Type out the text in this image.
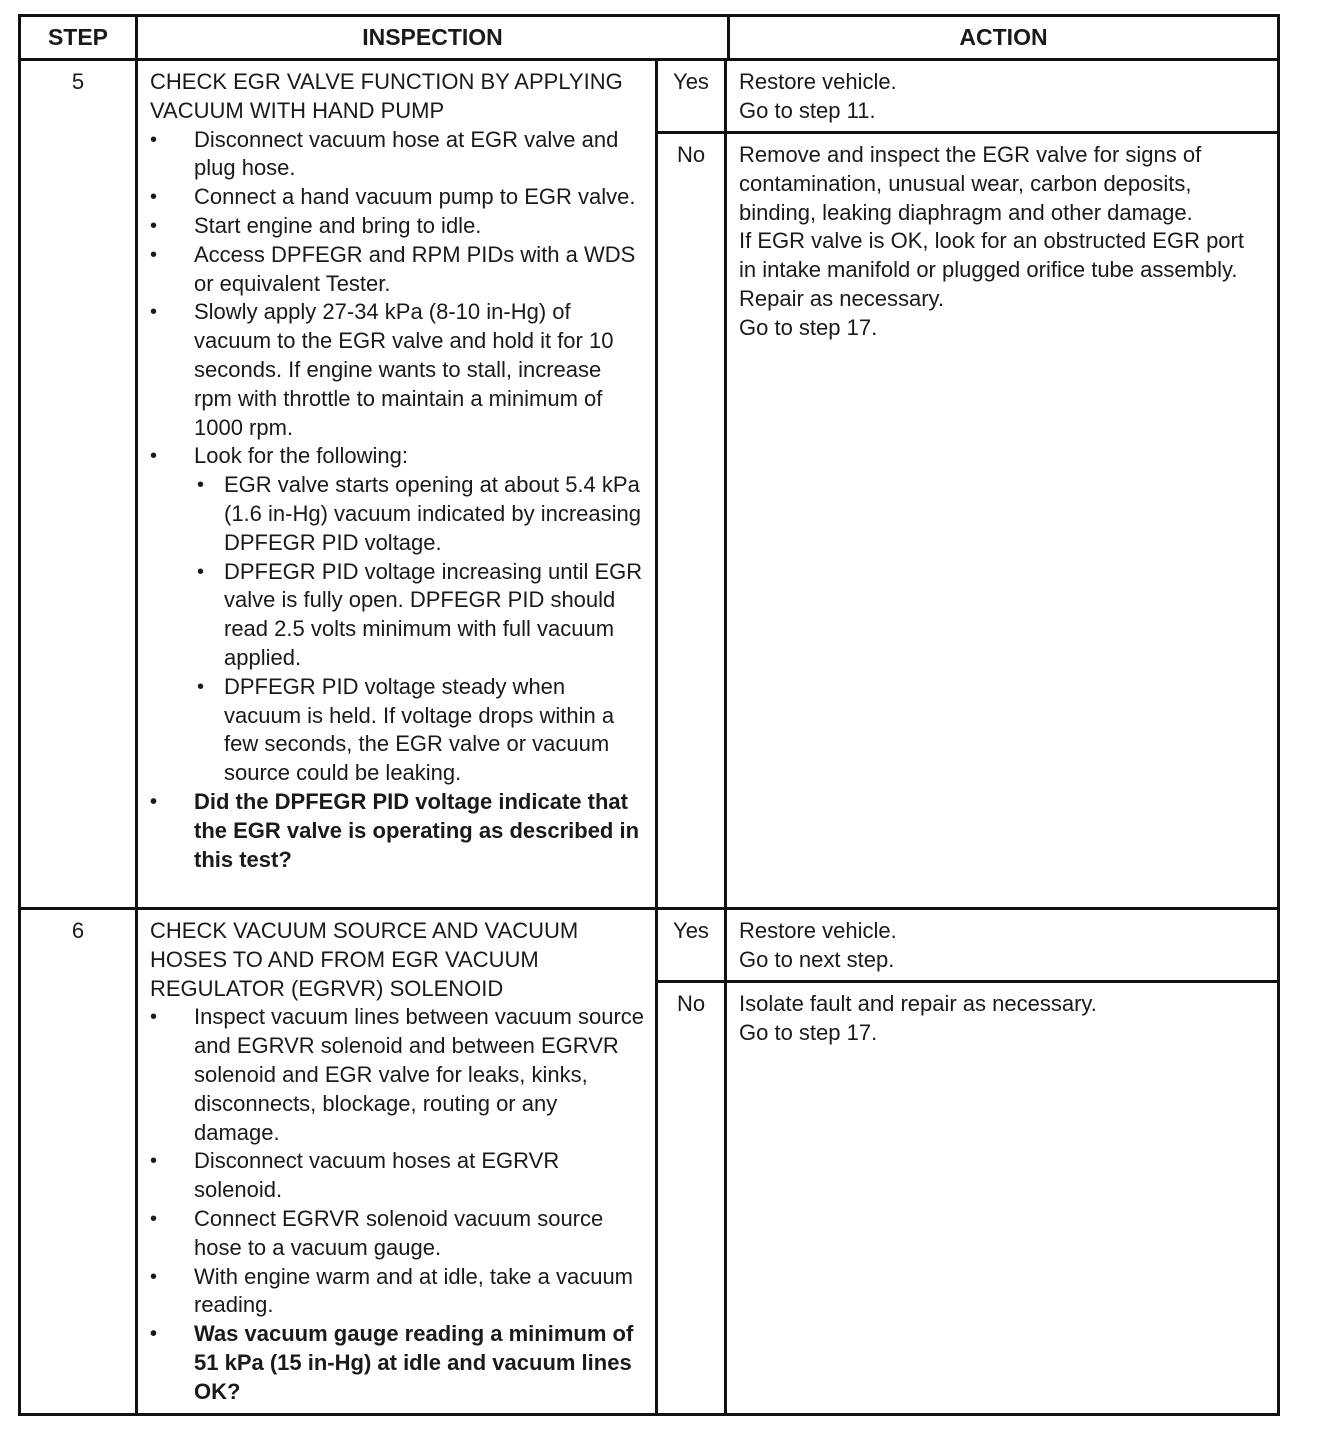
STEP	INSPECTION	ACTION
5	CHECK EGR VALVE FUNCTION BY APPLYING VACUUM WITH HAND PUMP
• Disconnect vacuum hose at EGR valve and plug hose.
• Connect a hand vacuum pump to EGR valve.
• Start engine and bring to idle.
• Access DPFEGR and RPM PIDs with a WDS or equivalent Tester.
• Slowly apply 27-34 kPa (8-10 in-Hg) of vacuum to the EGR valve and hold it for 10 seconds. If engine wants to stall, increase rpm with throttle to maintain a minimum of 1000 rpm.
• Look for the following:
• EGR valve starts opening at about 5.4 kPa (1.6 in-Hg) vacuum indicated by increasing DPFEGR PID voltage.
• DPFEGR PID voltage increasing until EGR valve is fully open. DPFEGR PID should read 2.5 volts minimum with full vacuum applied.
• DPFEGR PID voltage steady when vacuum is held. If voltage drops within a few seconds, the EGR valve or vacuum source could be leaking.
• Did the DPFEGR PID voltage indicate that the EGR valve is operating as described in this test?
Yes	Restore vehicle.
Go to step 11.
No	Remove and inspect the EGR valve for signs of contamination, unusual wear, carbon deposits, binding, leaking diaphragm and other damage.
If EGR valve is OK, look for an obstructed EGR port in intake manifold or plugged orifice tube assembly.
Repair as necessary.
Go to step 17.
6	CHECK VACUUM SOURCE AND VACUUM HOSES TO AND FROM EGR VACUUM REGULATOR (EGRVR) SOLENOID
• Inspect vacuum lines between vacuum source and EGRVR solenoid and between EGRVR solenoid and EGR valve for leaks, kinks, disconnects, blockage, routing or any damage.
• Disconnect vacuum hoses at EGRVR solenoid.
• Connect EGRVR solenoid vacuum source hose to a vacuum gauge.
• With engine warm and at idle, take a vacuum reading.
• Was vacuum gauge reading a minimum of 51 kPa (15 in-Hg) at idle and vacuum lines OK?
Yes	Restore vehicle.
Go to next step.
No	Isolate fault and repair as necessary.
Go to step 17.
